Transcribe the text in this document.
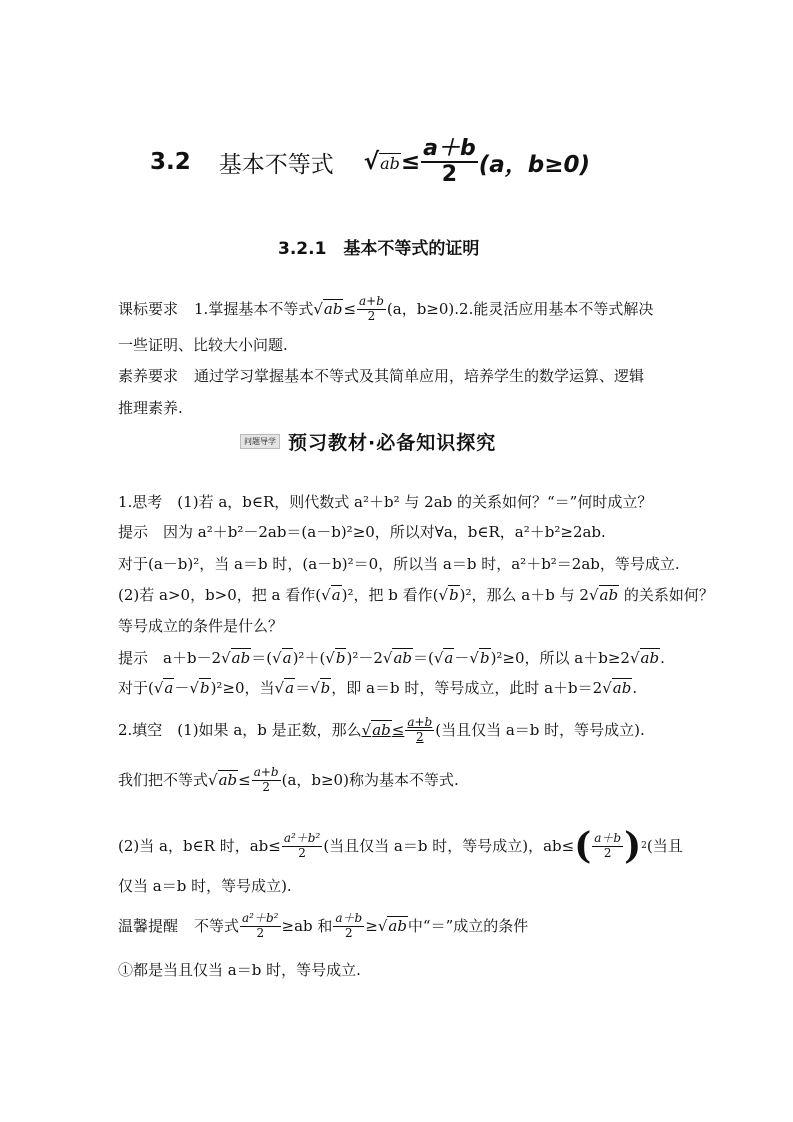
3.2 基本不等式 $√ab \le \frac{a+b}{2} (a$，b≥0)
3.2.1　基本不等式的证明
课标要求 1.掌握基本不等式 $√ab \le \frac{a+b}{2} (a$，b≥0).2.能灵活应用基本不等式解决
一些证明、比较大小问题.
素养要求 通过学习掌握基本不等式及其简单应用，培养学生的数学运算、逻辑
推理素养.
问题导学 预习教材·必备知识探究
1.思考　(1)若 a，b∈R，则代数式 a²＋b² 与 2ab 的关系如何？“＝”何时成立？
提示　因为 a²＋b²－2ab＝(a－b)²≥0，所以对∀a，b∈R，a²＋b²≥2ab.
对于(a－b)²，当 a＝b 时，(a－b)²＝0，所以当 a＝b 时，a²＋b²＝2ab，等号成立.
(2)若 a>0，b>0，把 a 看作(√a)²，把 b 看作(√b)²，那么 a＋b 与 2√ab 的关系如何？
等号成立的条件是什么？
提示　a＋b－2√ab＝(√a)²＋(√b)²－2√ab＝(√a－√b)²≥0，所以 a＋b≥2√ab.
对于(√a－√b)²≥0，当√a＝√b，即 a＝b 时，等号成立，此时 a＋b＝2√ab.
2.填空　(1)如果 a，b 是正数，那么 $√ab \le \frac{a+b}{2}$ (当且仅当 a＝b 时，等号成立).
我们把不等式 $√ab \le \frac{a+b}{2} (a$，b≥0)称为基本不等式.
(2)当 a，b∈R 时，$ab\le \frac{\text{a²＋b²}}{2}$ (当且仅当 a＝b 时，等号成立)，ab≤ ( $\frac{a+b}{2}$ ) 2 (当且
仅当 a＝b 时，等号成立).
温馨提醒 不等式 $\frac{\text{a²＋b²}}{2} \ge ab$ 和 $\frac{a+b}{2} \ge √ab$ 中“＝”成立的条件
①都是当且仅当 a＝b 时，等号成立.
